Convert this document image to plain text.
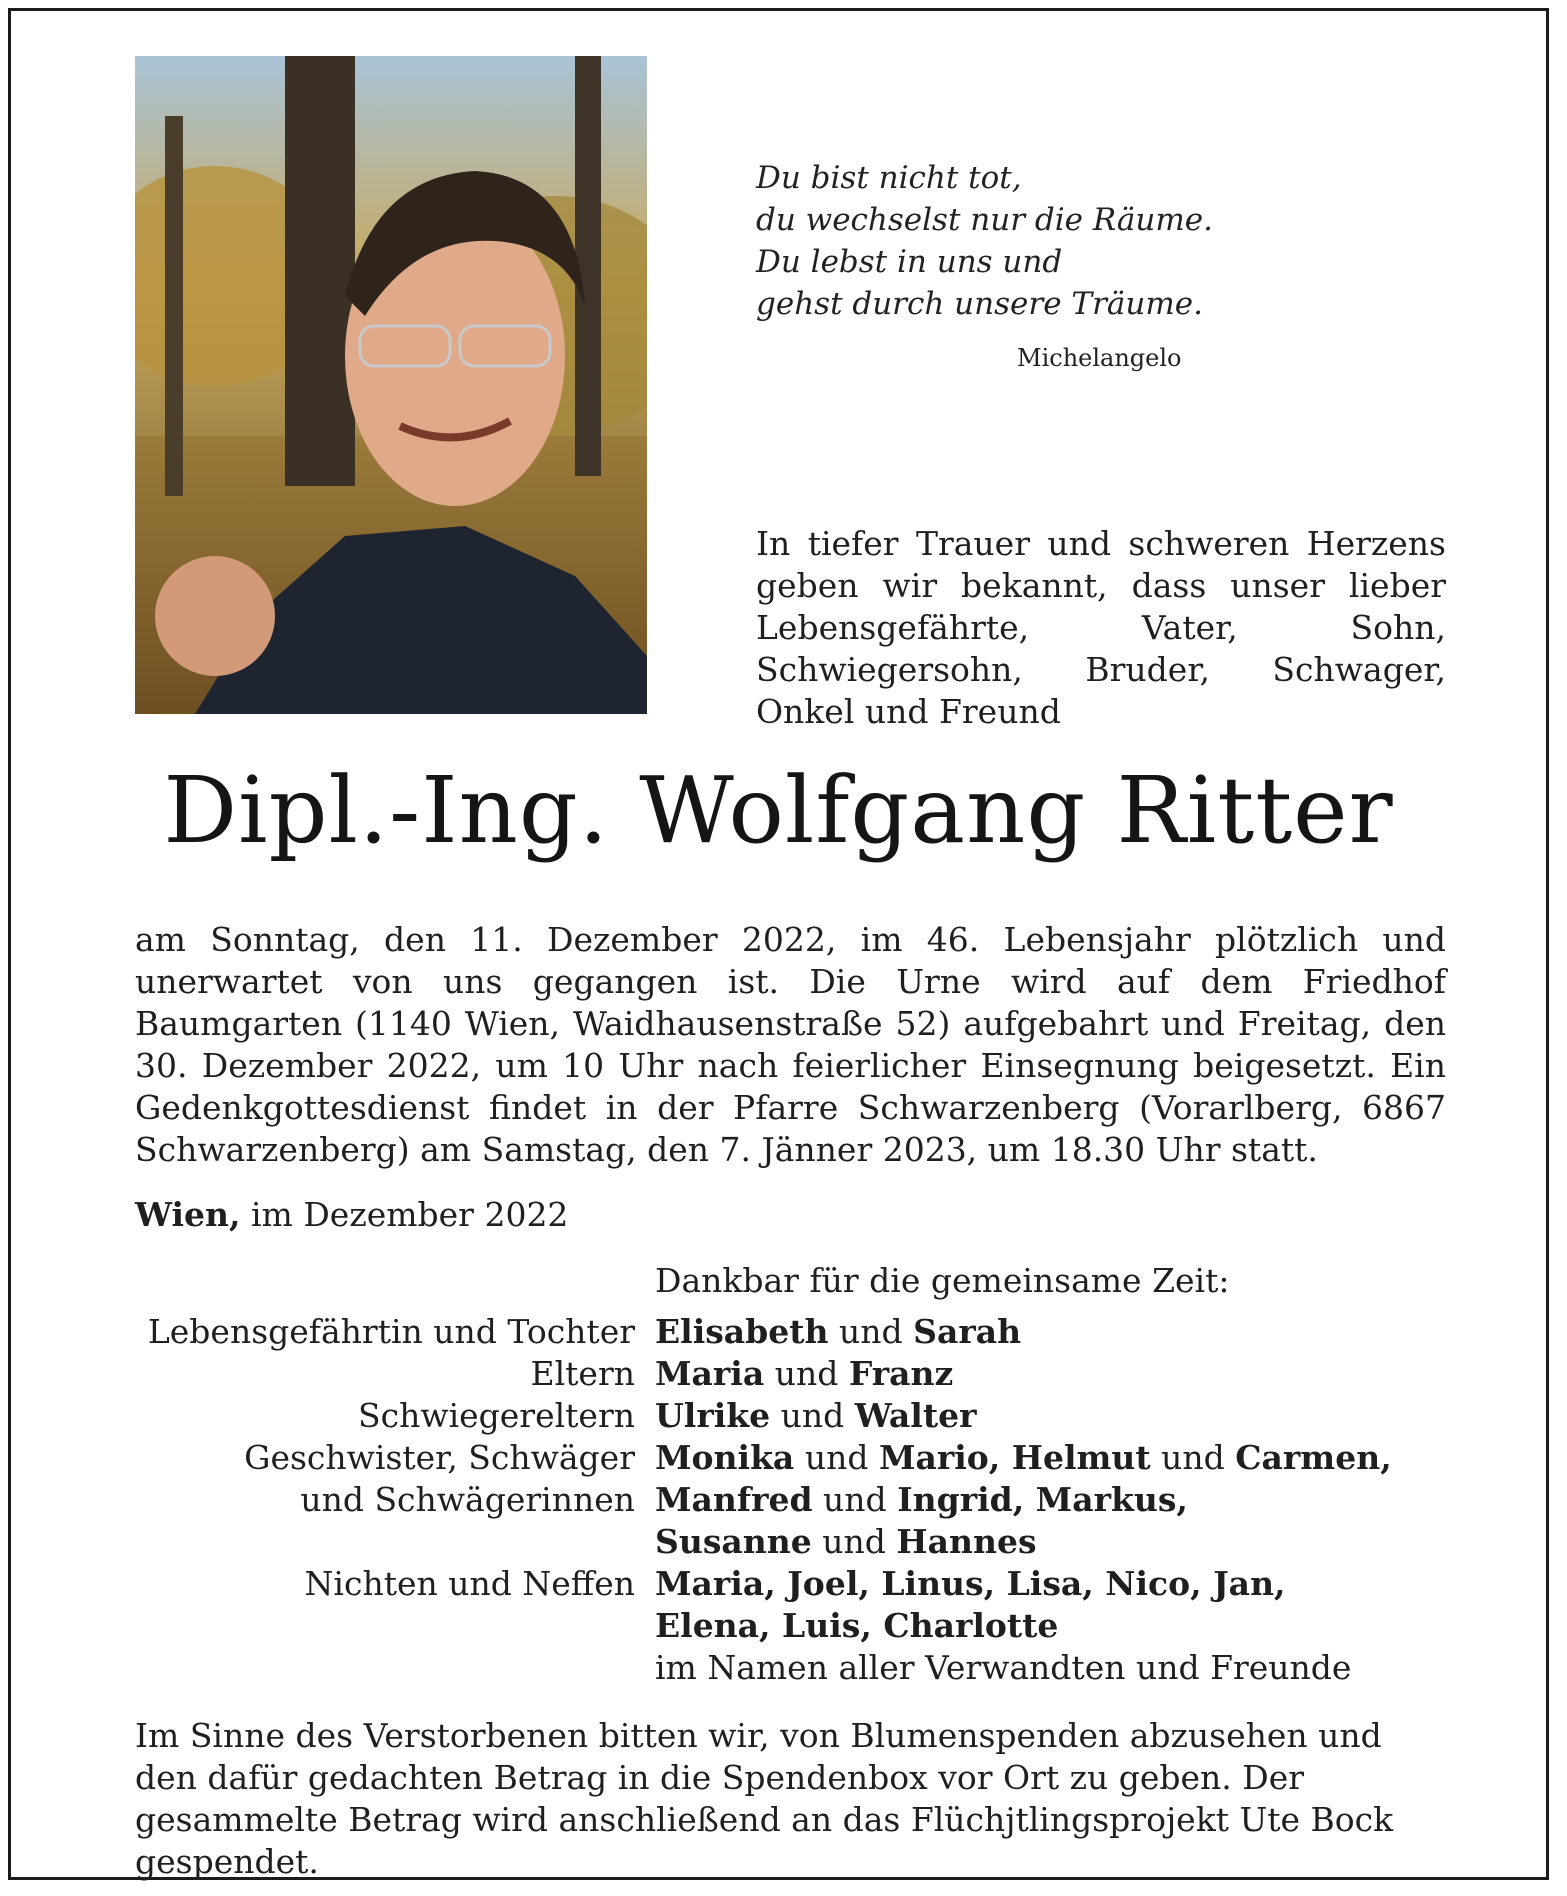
Du bist nicht tot,
du wechselst nur die Räume.
Du lebst in uns und
gehst durch unsere Träume.
Michelangelo
In tiefer Trauer und schweren Herzens geben wir bekannt, dass unser lieber Lebensgefährte, Vater, Sohn, Schwiegersohn, Bruder, Schwager, Onkel und Freund
Dipl.-Ing. Wolfgang Ritter
am Sonntag, den 11. Dezember 2022, im 46. Lebensjahr plötzlich und unerwartet von uns gegangen ist. Die Urne wird auf dem Friedhof Baumgarten (1140 Wien, Waidhausenstraße 52) aufgebahrt und Freitag, den 30. Dezember 2022, um 10 Uhr nach feierlicher Einsegnung beigesetzt. Ein Gedenkgottesdienst findet in der Pfarre Schwarzenberg (Vorarlberg, 6867 Schwarzenberg) am Samstag, den 7. Jänner 2023, um 18.30 Uhr statt.
Wien, im Dezember 2022
Dankbar für die gemeinsame Zeit:
Lebensgefährtin und Tochter Elisabeth und Sarah
Eltern Maria und Franz
Schwiegereltern Ulrike und Walter
Geschwister, Schwäger Monika und Mario, Helmut und Carmen,
und Schwägerinnen Manfred und Ingrid, Markus,
Susanne und Hannes
Nichten und Neffen Maria, Joel, Linus, Lisa, Nico, Jan,
Elena, Luis, Charlotte
im Namen aller Verwandten und Freunde
Im Sinne des Verstorbenen bitten wir, von Blumenspenden abzusehen und den dafür gedachten Betrag in die Spendenbox vor Ort zu geben. Der gesammelte Betrag wird anschließend an das Flüchjtlingsprojekt Ute Bock gespendet.
